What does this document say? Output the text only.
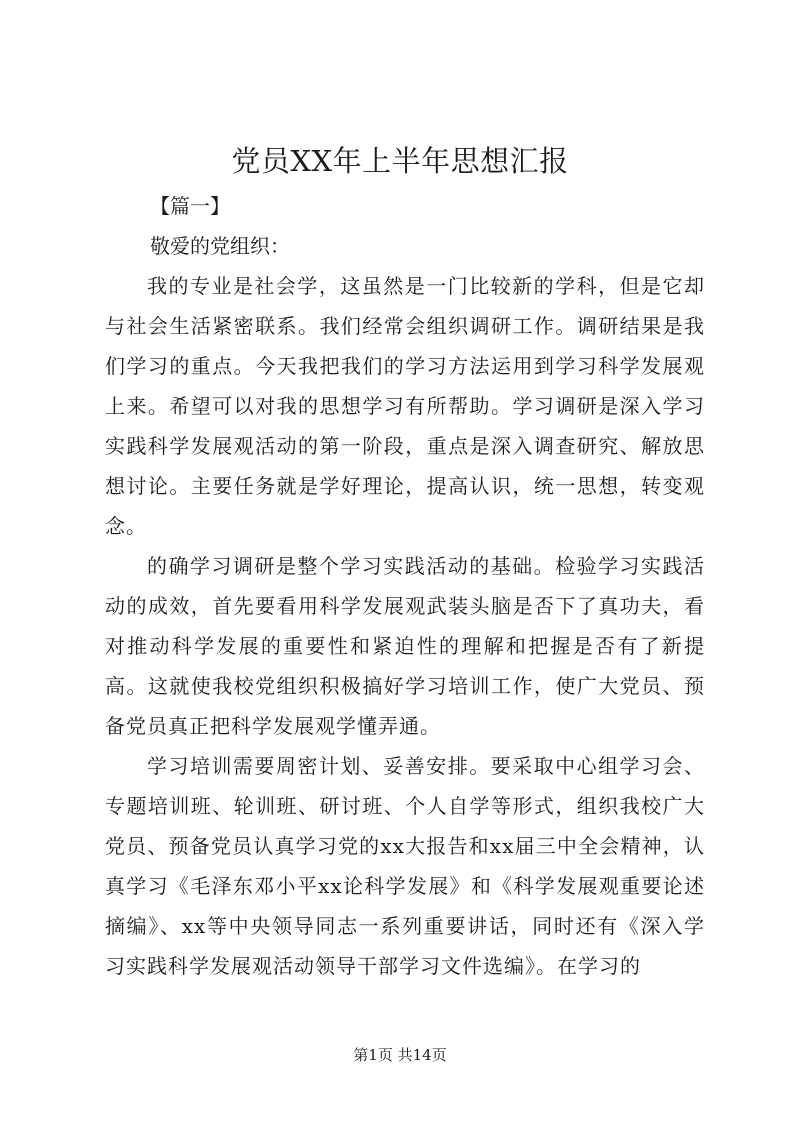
党员XX年上半年思想汇报

【篇一】

敬爱的党组织：

我的专业是社会学，这虽然是一门比较新的学科，但是它却与社会生活紧密联系。我们经常会组织调研工作。调研结果是我们学习的重点。今天我把我们的学习方法运用到学习科学发展观上来。希望可以对我的思想学习有所帮助。学习调研是深入学习实践科学发展观活动的第一阶段，重点是深入调查研究、解放思想讨论。主要任务就是学好理论，提高认识，统一思想，转变观念。

的确学习调研是整个学习实践活动的基础。检验学习实践活动的成效，首先要看用科学发展观武装头脑是否下了真功夫，看对推动科学发展的重要性和紧迫性的理解和把握是否有了新提高。这就使我校党组织积极搞好学习培训工作，使广大党员、预备党员真正把科学发展观学懂弄通。

学习培训需要周密计划、妥善安排。要采取中心组学习会、专题培训班、轮训班、研讨班、个人自学等形式，组织我校广大党员、预备党员认真学习党的xx大报告和xx届三中全会精神，认真学习《毛泽东邓小平xx论科学发展》和《科学发展观重要论述摘编》、xx等中央领导同志一系列重要讲话，同时还有《深入学习实践科学发展观活动领导干部学习文件选编》。在学习的

第1页 共14页
